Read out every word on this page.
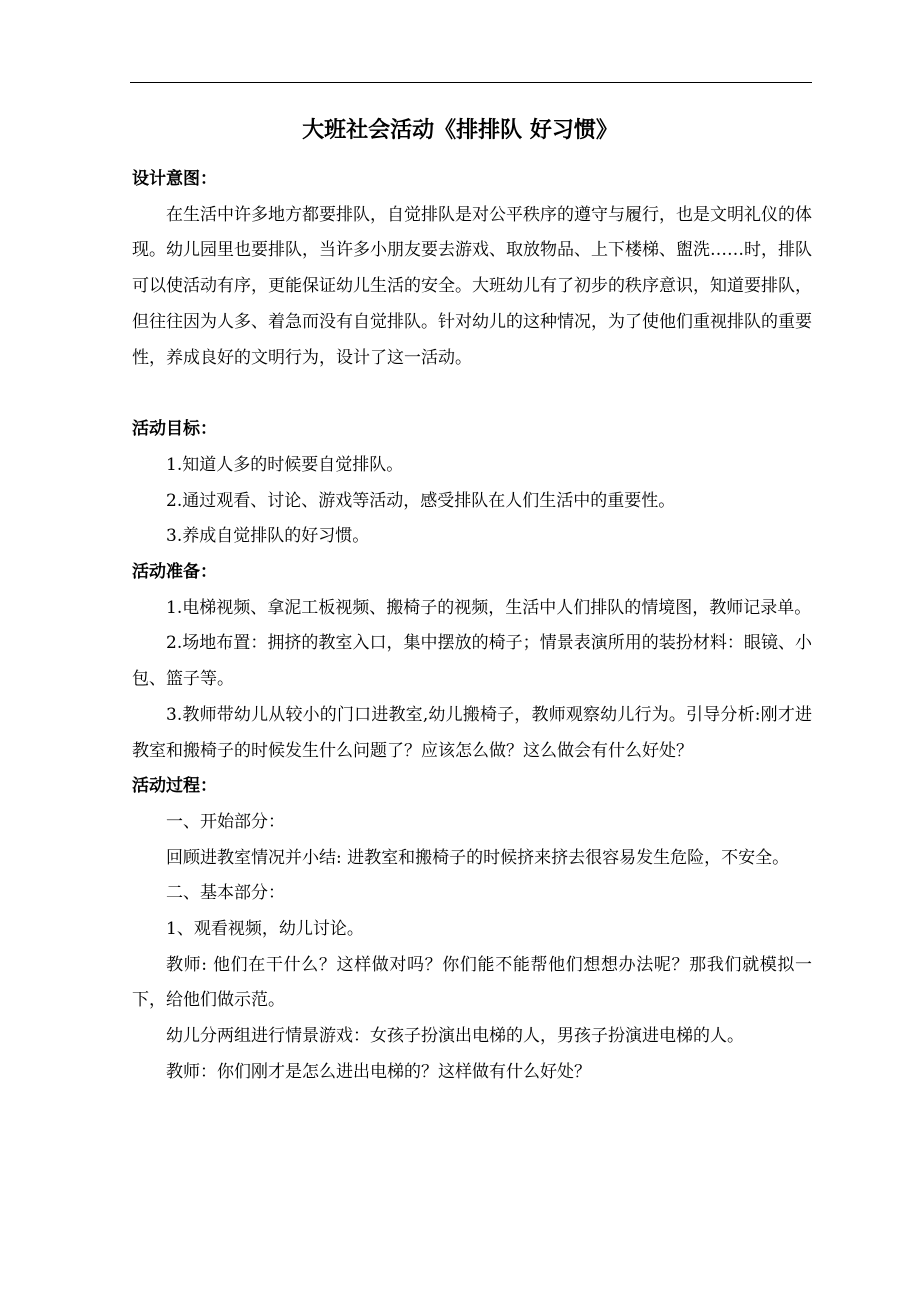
大班社会活动《排排队 好习惯》

设计意图：

在生活中许多地方都要排队，自觉排队是对公平秩序的遵守与履行，也是文明礼仪的体现。幼儿园里也要排队，当许多小朋友要去游戏、取放物品、上下楼梯、盥洗……时，排队可以使活动有序，更能保证幼儿生活的安全。大班幼儿有了初步的秩序意识，知道要排队，但往往因为人多、着急而没有自觉排队。针对幼儿的这种情况，为了使他们重视排队的重要性，养成良好的文明行为，设计了这一活动。

活动目标：

1.知道人多的时候要自觉排队。

2.通过观看、讨论、游戏等活动，感受排队在人们生活中的重要性。

3.养成自觉排队的好习惯。

活动准备：

1.电梯视频、拿泥工板视频、搬椅子的视频，生活中人们排队的情境图，教师记录单。

2.场地布置：拥挤的教室入口，集中摆放的椅子；情景表演所用的装扮材料：眼镜、小包、篮子等。

3.教师带幼儿从较小的门口进教室,幼儿搬椅子，教师观察幼儿行为。引导分析:刚才进教室和搬椅子的时候发生什么问题了？应该怎么做？这么做会有什么好处？

活动过程：

一、开始部分：

回顾进教室情况并小结: 进教室和搬椅子的时候挤来挤去很容易发生危险，不安全。

二、基本部分：

1、观看视频，幼儿讨论。

教师: 他们在干什么？这样做对吗？你们能不能帮他们想想办法呢？那我们就模拟一下，给他们做示范。

幼儿分两组进行情景游戏：女孩子扮演出电梯的人，男孩子扮演进电梯的人。

教师：你们刚才是怎么进出电梯的？这样做有什么好处？
